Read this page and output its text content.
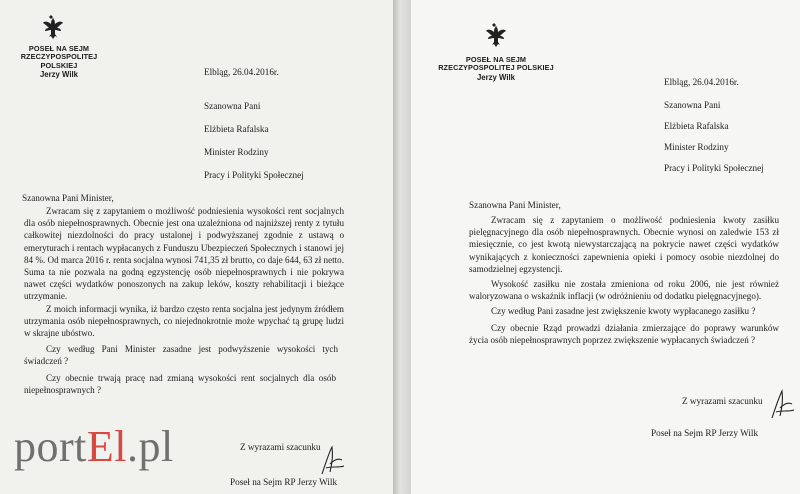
POSEŁ NA SEJM
RZECZYPOSPOLITEJ POLSKIEJ
Jerzy Wilk	Elbląg, 26.04.2016r.
Szanowna Pani
Elżbieta Rafalska
Minister Rodziny
Pracy i Polityki Społecznej
Szanowna Pani Minister,
Zwracam się z zapytaniem o możliwość podniesienia wysokości rent socjalnych dla osób niepełnosprawnych. Obecnie jest ona uzależniona od najniższej renty z tytułu całkowitej niezdolności do pracy ustalonej i podwyższanej zgodnie z ustawą o emeryturach i rentach wypłacanych z Funduszu Ubezpieczeń Społecznych i stanowi jej 84 %. Od marca 2016 r. renta socjalna wynosi 741,35 zł brutto, co daje 644, 63 zł netto. Suma ta nie pozwala na godną egzystencję osób niepełnosprawnych i nie pokrywa nawet części wydatków ponoszonych na zakup leków, koszty rehabilitacji i bieżące utrzymanie.
Z moich informacji wynika, iż bardzo często renta socjalna jest jedynym źródłem utrzymania osób niepełnosprawnych, co niejednokrotnie może wpychać tą grupę ludzi w skrajne ubóstwo.
Czy według Pani Minister zasadne jest podwyższenie wysokości tych świadczeń ?
Czy obecnie trwają pracę nad zmianą wysokości rent socjalnych dla osób niepełnosprawnych ?
Z wyrazami szacunku
Poseł na Sejm RP Jerzy Wilk
POSEŁ NA SEJM
RZECZYPOSPOLITEJ POLSKIEJ
Jerzy Wilk	Elbląg, 26.04.2016r.
Szanowna Pani
Elżbieta Rafalska
Minister Rodziny
Pracy i Polityki Społecznej
Szanowna Pani Minister,
Zwracam się z zapytaniem o możliwość podniesienia kwoty zasiłku pielęgnacyjnego dla osób niepełnosprawnych. Obecnie wynosi on zaledwie 153 zł miesięcznie, co jest kwotą niewystarczającą na pokrycie nawet części wydatków wynikających z konieczności zapewnienia opieki i pomocy osobie niezdolnej do samodzielnej egzystencji.
Wysokość zasiłku nie została zmieniona od roku 2006, nie jest również waloryzowana o wskaźnik inflacji (w odróżnieniu od dodatku pielęgnacyjnego).
Czy według Pani zasadne jest zwiększenie kwoty wypłacanego zasiłku ?
Czy obecnie Rząd prowadzi działania zmierzające do poprawy warunków życia osób niepełnosprawnych poprzez zwiększenie wypłacanych świadczeń ?
Z wyrazami szacunku
Poseł na Sejm RP Jerzy Wilk
portEl.pl
